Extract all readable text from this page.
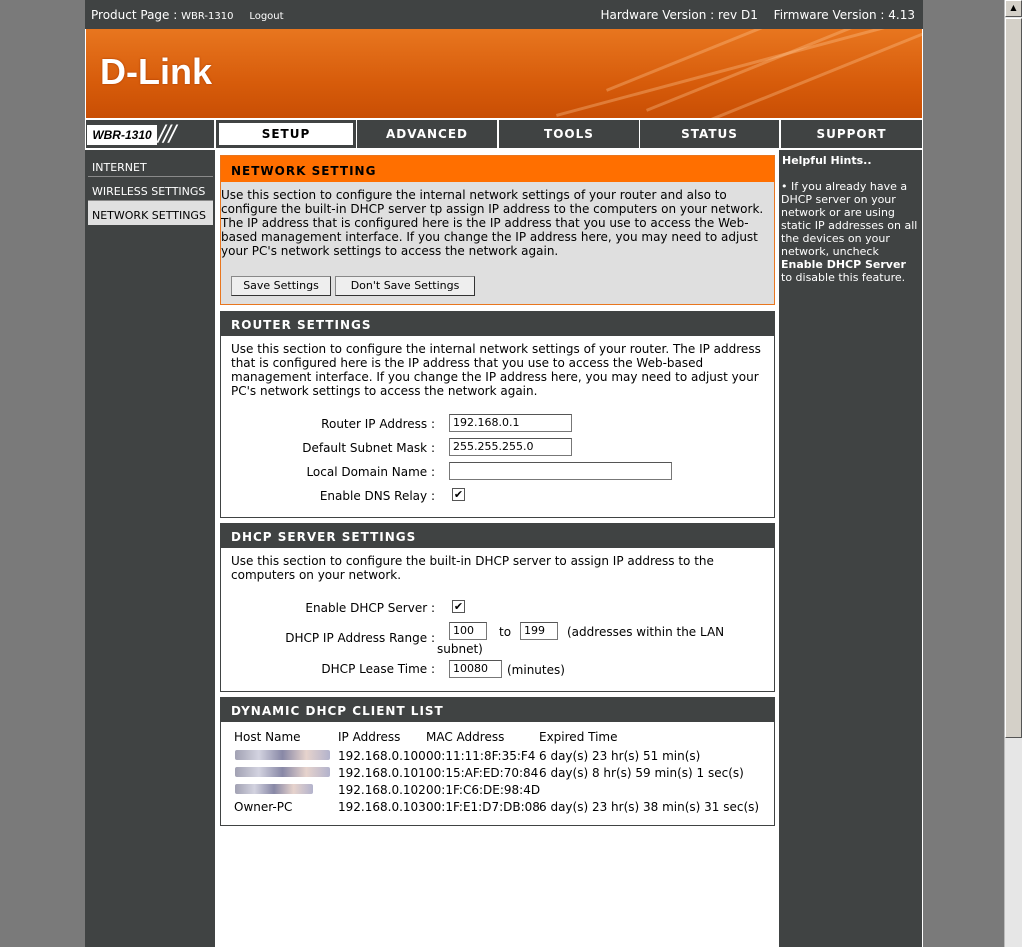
Product Page : WBR-1310 Logout	Hardware Version : rev D1 Firmware Version : 4.13
D-Link
WBR-1310 ///	SETUP	ADVANCED	TOOLS	STATUS	SUPPORT
INTERNET
WIRELESS SETTINGS
NETWORK SETTINGS
Helpful Hints..
• If you already have a DHCP server on your network or are using static IP addresses on all the devices on your network, uncheck Enable DHCP Server to disable this feature.
NETWORK SETTING
Use this section to configure the internal network settings of your router and also to configure the built-in DHCP server tp assign IP address to the computers on your network. The IP address that is configured here is the IP address that you use to access the Web-based management interface. If you change the IP address here, you may need to adjust your PC's network settings to access the network again.
Save Settings	Don't Save Settings
ROUTER SETTINGS
Use this section to configure the internal network settings of your router. The IP address that is configured here is the IP address that you use to access the Web-based management interface. If you change the IP address here, you may need to adjust your PC's network settings to access the network again.
Router IP Address :	192.168.0.1
Default Subnet Mask :	255.255.255.0
Local Domain Name :
Enable DNS Relay : ✔
DHCP SERVER SETTINGS
Use this section to configure the built-in DHCP server to assign IP address to the computers on your network.
Enable DHCP Server : ✔
DHCP IP Address Range :
100	to	199	(addresses within the LAN
subnet)
DHCP Lease Time :	10080	(minutes)
DYNAMIC DHCP CLIENT LIST
Host Name	IP Address MAC Address	Expired Time
192.168.0.100 00:11:11:8F:35:F4 6 day(s) 23 hr(s) 51 min(s)
192.168.0.101 00:15:AF:ED:70:84 6 day(s) 8 hr(s) 59 min(s) 1 sec(s)
192.168.0.102 00:1F:C6:DE:98:4D
Owner-PC	192.168.0.103 00:1F:E1:D7:DB:08 6 day(s) 23 hr(s) 38 min(s) 31 sec(s)
▲
